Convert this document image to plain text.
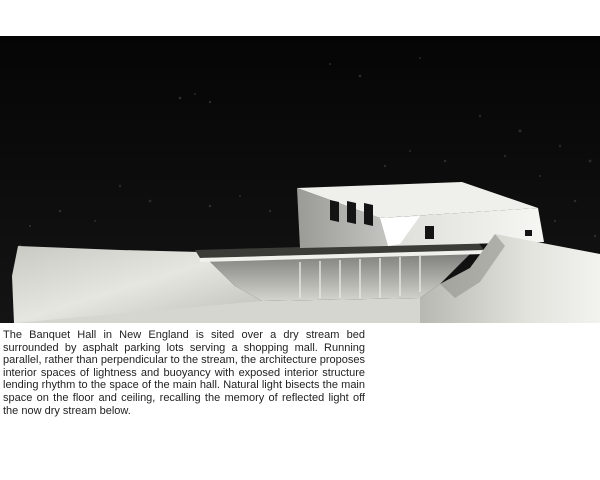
The Banquet Hall in New England is sited over a dry stream bed surrounded by asphalt parking lots serving a shopping mall. Running parallel, rather than perpendicular to the stream, the architecture proposes interior spaces of lightness and buoyancy with exposed interior structure lending rhythm to the space of the main hall. Natural light bisects the main space on the floor and ceiling, recalling the memory of reflected light off the now dry stream below.
